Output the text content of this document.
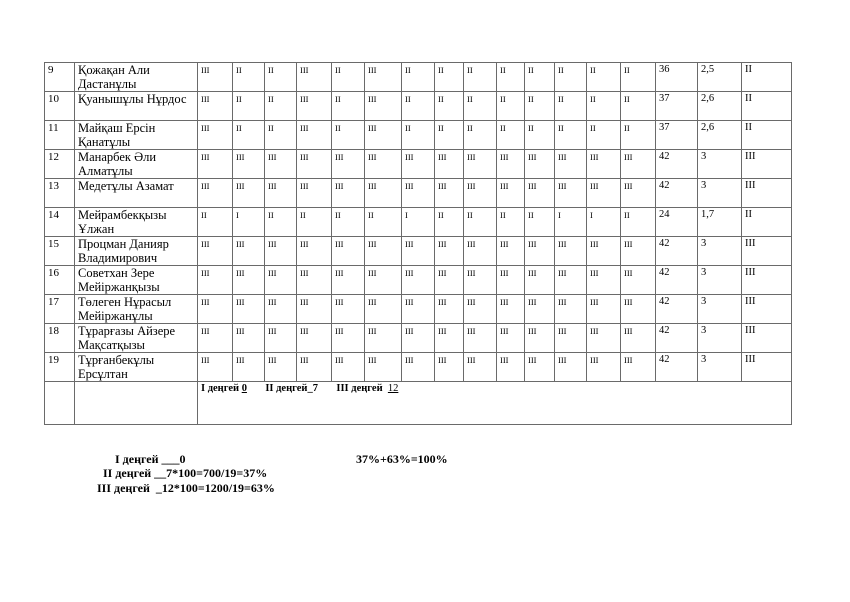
9	Қожақан Али Дастанұлы	ІІІ	ІІ	ІІ	ІІІ	ІІ	ІІІ	ІІ	ІІ	ІІ	ІІ	ІІ	ІІ	ІІ	ІІ	36	2,5	ІІ
10	Қуанышұлы Нұрдос	ІІІ	ІІ	ІІ	ІІІ	ІІ	ІІІ	ІІ	ІІ	ІІ	ІІ	ІІ	ІІ	ІІ	ІІ	37	2,6	ІІ
11	Майқаш Ерсін Қанатұлы	ІІІ	ІІ	ІІ	ІІІ	ІІ	ІІІ	ІІ	ІІ	ІІ	ІІ	ІІ	ІІ	ІІ	ІІ	37	2,6	ІІ
12	Манарбек Әли Алматұлы	ІІІ	ІІІ	ІІІ	ІІІ	ІІІ	ІІІ	ІІІ	ІІІ	ІІІ	ІІІ	ІІІ	ІІІ	ІІІ	ІІІ	42	3	ІІІ
13	Медетұлы Азамат	ІІІ	ІІІ	ІІІ	ІІІ	ІІІ	ІІІ	ІІІ	ІІІ	ІІІ	ІІІ	ІІІ	ІІІ	ІІІ	ІІІ	42	3	ІІІ
14	Мейрамбекқызы Ұлжан	ІІ	І	ІІ	ІІ	ІІ	ІІ	І	ІІ	ІІ	ІІ	ІІ	І	І	ІІ	24	1,7	ІІ
15	Процман Данияр Владимирович	ІІІ	ІІІ	ІІІ	ІІІ	ІІІ	ІІІ	ІІІ	ІІІ	ІІІ	ІІІ	ІІІ	ІІІ	ІІІ	ІІІ	42	3	ІІІ
16	Советхан Зере Мейіржанқызы	ІІІ	ІІІ	ІІІ	ІІІ	ІІІ	ІІІ	ІІІ	ІІІ	ІІІ	ІІІ	ІІІ	ІІІ	ІІІ	ІІІ	42	3	ІІІ
17	Төлеген Нұрасыл Мейіржанұлы	ІІІ	ІІІ	ІІІ	ІІІ	ІІІ	ІІІ	ІІІ	ІІІ	ІІІ	ІІІ	ІІІ	ІІІ	ІІІ	ІІІ	42	3	ІІІ
18	Тұрарғазы Айзере Мақсатқызы	ІІІ	ІІІ	ІІІ	ІІІ	ІІІ	ІІІ	ІІІ	ІІІ	ІІІ	ІІІ	ІІІ	ІІІ	ІІІ	ІІІ	42	3	ІІІ
19	Тұрғанбекұлы Ерсұлтан	ІІІ	ІІІ	ІІІ	ІІІ	ІІІ	ІІІ	ІІІ	ІІІ	ІІІ	ІІІ	ІІІ	ІІІ	ІІІ	ІІІ	42	3	ІІІ
		І деңгей 0 ІІ деңгей_7 ІІІ деңгей 12																
І деңгей ___0
ІІ деңгей __7*100=700/19=37%
ІІІ деңгей  _12*100=1200/19=63%
37%+63%=100%
